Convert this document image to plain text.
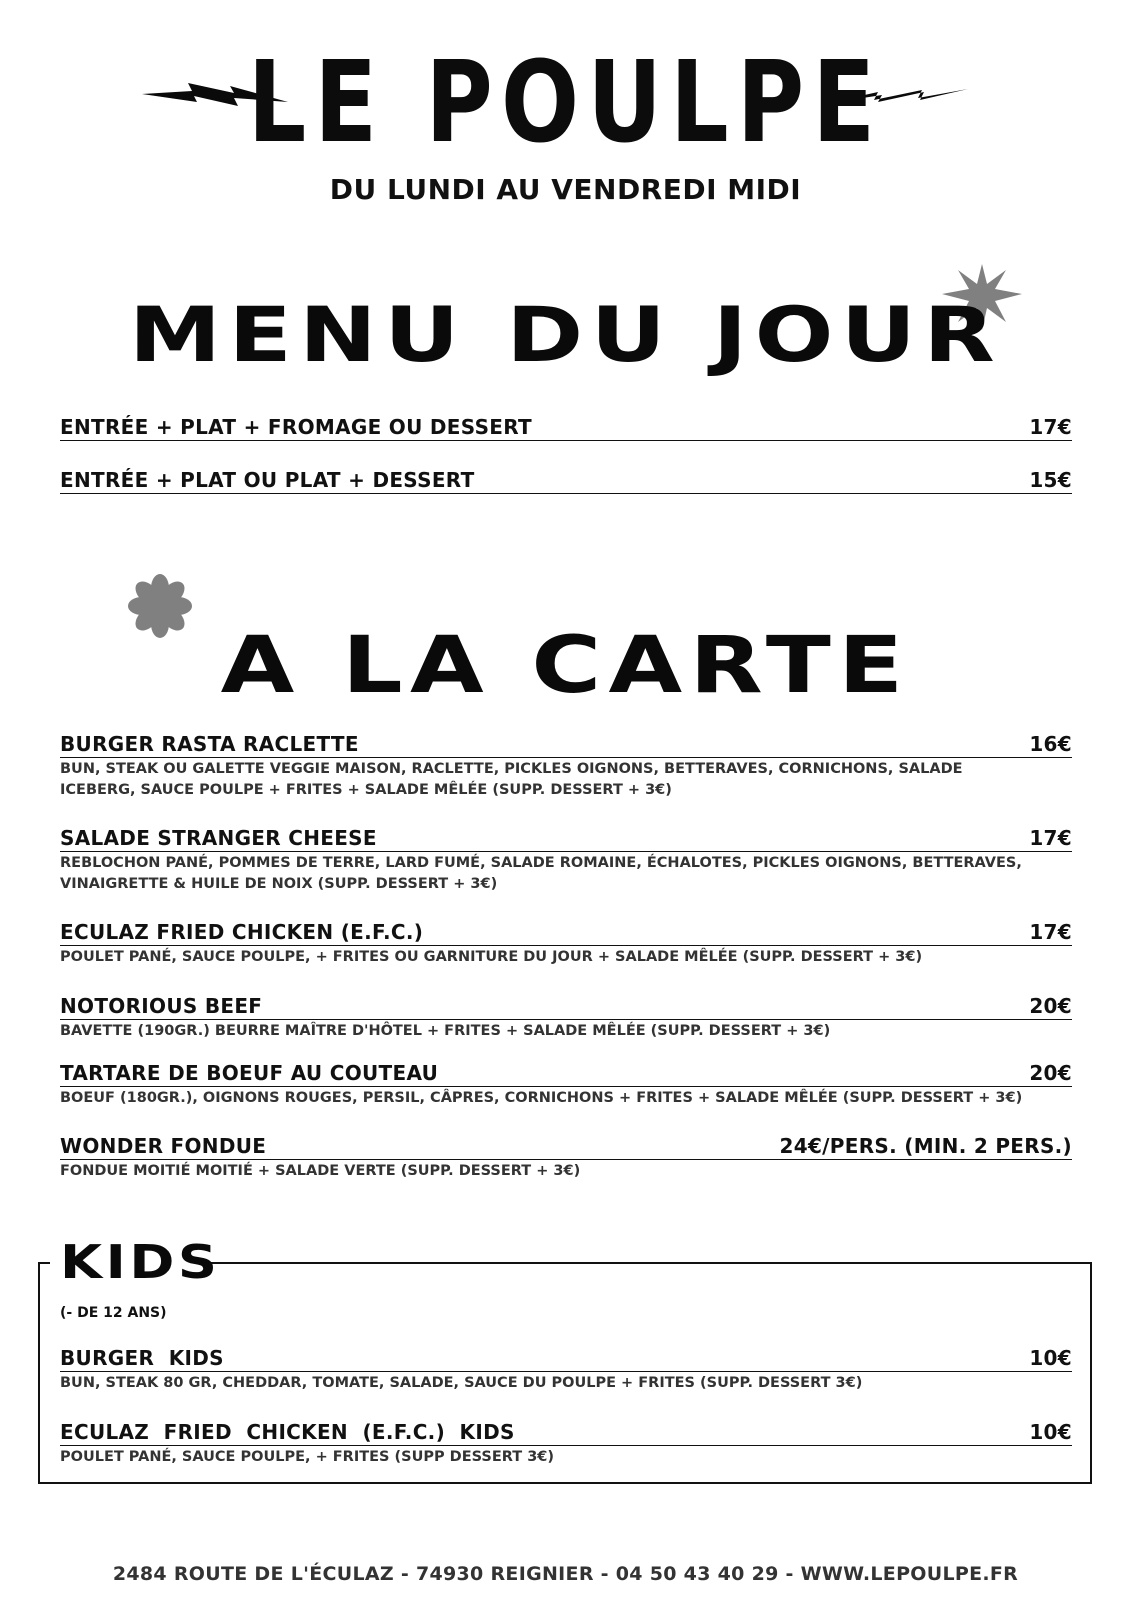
LE POULPE
DU LUNDI AU VENDREDI MIDI
MENU DU JOUR
ENTRÉE + PLAT + FROMAGE OU DESSERT	17€
ENTRÉE + PLAT OU PLAT + DESSERT	15€
A LA CARTE
BURGER RASTA RACLETTE	16€
BUN, STEAK OU GALETTE VEGGIE MAISON, RACLETTE, PICKLES OIGNONS, BETTERAVES, CORNICHONS, SALADE
ICEBERG, SAUCE POULPE + FRITES + SALADE MÊLÉE (SUPP. DESSERT + 3€)
SALADE STRANGER CHEESE	17€
REBLOCHON PANÉ, POMMES DE TERRE, LARD FUMÉ, SALADE ROMAINE, ÉCHALOTES, PICKLES OIGNONS, BETTERAVES,
VINAIGRETTE & HUILE DE NOIX (SUPP. DESSERT + 3€)
ECULAZ FRIED CHICKEN (E.F.C.)	17€
POULET PANÉ, SAUCE POULPE, + FRITES OU GARNITURE DU JOUR + SALADE MÊLÉE (SUPP. DESSERT + 3€)
NOTORIOUS BEEF	20€
BAVETTE (190GR.) BEURRE MAÎTRE D'HÔTEL + FRITES + SALADE MÊLÉE (SUPP. DESSERT + 3€)
TARTARE DE BOEUF AU COUTEAU	20€
BOEUF (180GR.), OIGNONS ROUGES, PERSIL, CÂPRES, CORNICHONS + FRITES + SALADE MÊLÉE (SUPP. DESSERT + 3€)
WONDER FONDUE	24€/PERS. (MIN. 2 PERS.)
FONDUE MOITIÉ MOITIÉ + SALADE VERTE (SUPP. DESSERT + 3€)
KIDS
(- DE 12 ANS)
BURGER  KIDS	10€
BUN, STEAK 80 GR, CHEDDAR, TOMATE, SALADE, SAUCE DU POULPE + FRITES (SUPP. DESSERT 3€)
ECULAZ  FRIED  CHICKEN  (E.F.C.)  KIDS	10€
POULET PANÉ, SAUCE POULPE, + FRITES (SUPP DESSERT 3€)
2484 ROUTE DE L'ÉCULAZ - 74930 REIGNIER - 04 50 43 40 29 - WWW.LEPOULPE.FR
